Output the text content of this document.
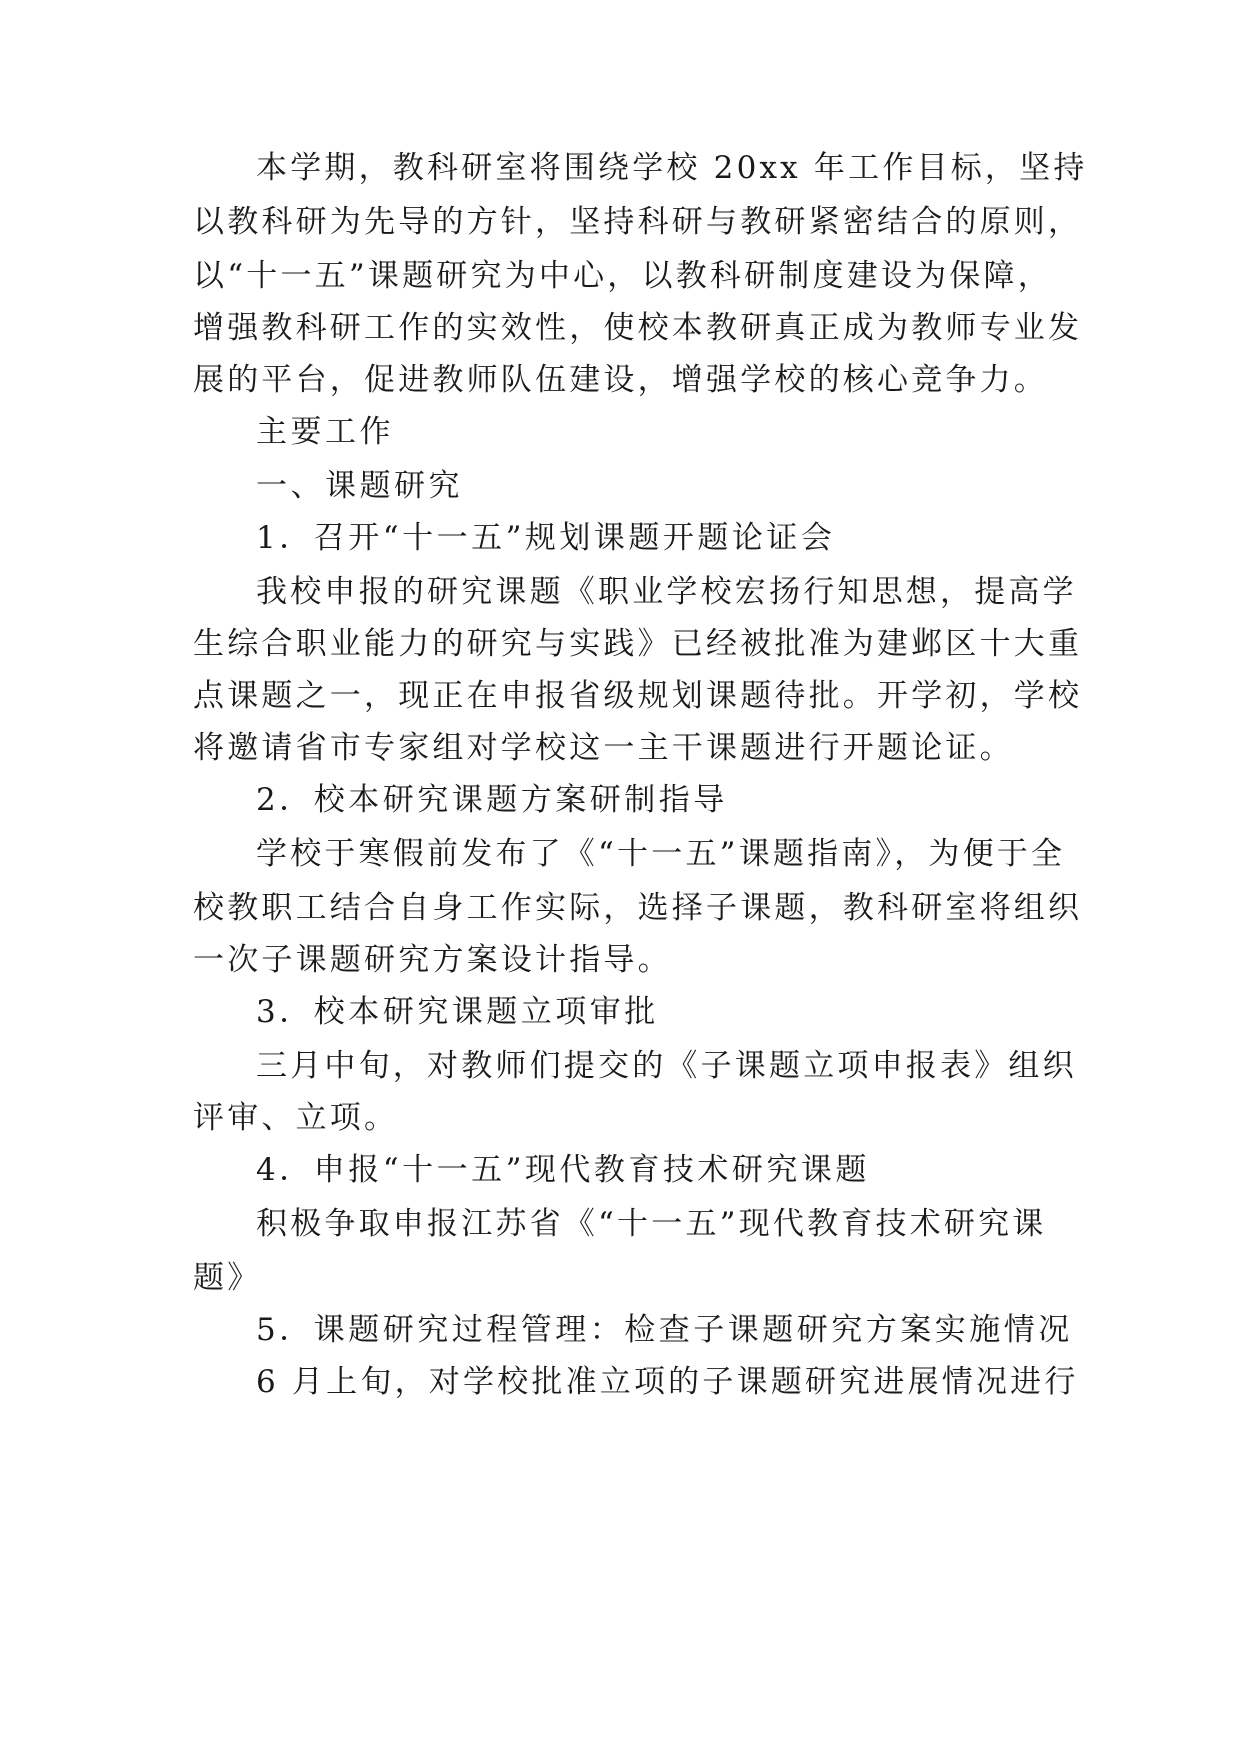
本学期，教科研室将围绕学校 20xx 年工作目标，坚持
以教科研为先导的方针，坚持科研与教研紧密结合的原则，
以“十一五”课题研究为中心，以教科研制度建设为保障，
增强教科研工作的实效性，使校本教研真正成为教师专业发
展的平台，促进教师队伍建设，增强学校的核心竞争力。
主要工作
一、课题研究
1．召开“十一五”规划课题开题论证会
我校申报的研究课题《职业学校宏扬行知思想，提高学
生综合职业能力的研究与实践》已经被批准为建邺区十大重
点课题之一，现正在申报省级规划课题待批。开学初，学校
将邀请省市专家组对学校这一主干课题进行开题论证。
2．校本研究课题方案研制指导
学校于寒假前发布了《“十一五”课题指南》，为便于全
校教职工结合自身工作实际，选择子课题，教科研室将组织
一次子课题研究方案设计指导。
3．校本研究课题立项审批
三月中旬，对教师们提交的《子课题立项申报表》组织
评审、立项。
4．申报“十一五”现代教育技术研究课题
积极争取申报江苏省《“十一五”现代教育技术研究课
题》
5．课题研究过程管理：检查子课题研究方案实施情况
6 月上旬，对学校批准立项的子课题研究进展情况进行
